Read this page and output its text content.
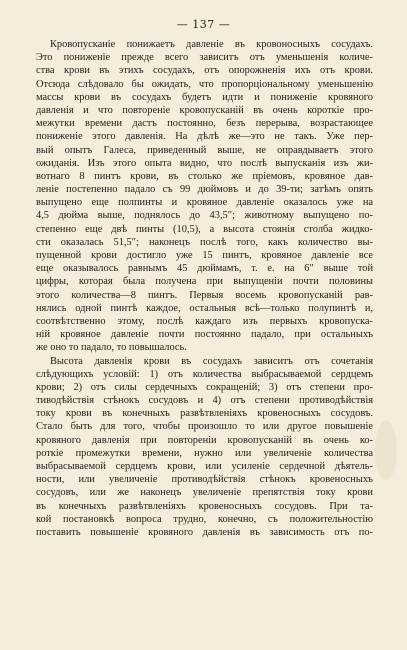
— 137 —
Кровопусканіе понижаетъ давленіе въ кровоносныхъ сосудахъ.
Это пониженіе прежде всего зависитъ отъ уменьшенія количе-
ства крови въ этихъ сосудахъ, отъ опорожненія ихъ отъ крови.
Отсюда слѣдовало бы ожидать, что пропорціональному уменьшенію
массы крови въ сосудахъ будетъ идти и пониженіе кровяного
давленія и что повтореніе кровопусканій въ очень короткіе про-
межутки времени дастъ постоянно, безъ перерыва, возрастающее
пониженіе этого давленія. На дѣлѣ же—это не такъ. Уже пер-
вый опытъ Галеса, приведенный выше, не оправдываетъ этого
ожиданія. Изъ этого опыта видно, что послѣ выпусканія изъ жи-
вотнаго 8 пинтъ крови, въ столько же пріемовъ, кровяное дав-
леніе постепенно падало съ 99 дюймовъ и до 39-ти; затѣмъ опять
выпущено еще полпинты и кровяное давленіе оказалось уже на
4,5 дюйма выше, поднялось до 43,5″; животному выпущено по-
степенно еще двѣ пинты (10,5), а высота стоянія столба жидко-
сти оказалась 51,5″; наконецъ послѣ того, какъ количество вы-
пущенной крови достигло уже 15 пинтъ, кровяное давленіе все
еще оказывалось равнымъ 45 дюймамъ, т. е. на 6″ выше той
цифры, которая была получена при выпущеніи почти половины
этого количества—8 пинтъ. Первыя восемь кровопусканій рав-
нялись одной пинтѣ каждое, остальныя всѣ—только полупинтѣ и,
соотвѣтственно этому, послѣ каждаго изъ первыхъ кровопуска-
ній кровяное давленіе почти постоянно падало, при остальныхъ
же оно то падало, то повышалось.
Высота давленія крови въ сосудахъ зависитъ отъ сочетанія
слѣдующихъ условій: 1) отъ количества выбрасываемой сердцемъ
крови; 2) отъ силы сердечныхъ сокращеній; 3) отъ степени про-
тиводѣйствія стѣнокъ сосудовъ и 4) отъ степени противодѣйствія
току крови въ конечныхъ развѣтвленіяхъ кровеносныхъ сосудовъ.
Стало быть для того, чтобы произошло то или другое повышеніе
кровяного давленія при повтореніи кровопусканій въ очень ко-
роткіе промежутки времени, нужно или увеличеніе количества
выбрасываемой сердцемъ крови, или усиленіе сердечной дѣятель-
ности, или увеличеніе противодѣйствія стѣнокъ кровеносныхъ
сосудовъ, или же наконецъ увеличеніе препятствія току крови
въ конечныхъ развѣтвленіяхъ кровеносныхъ сосудовъ. При та-
кой постановкѣ вопроса трудно, конечно, съ положительностію
поставить повышеніе кровяного давленія въ зависимость отъ по-
